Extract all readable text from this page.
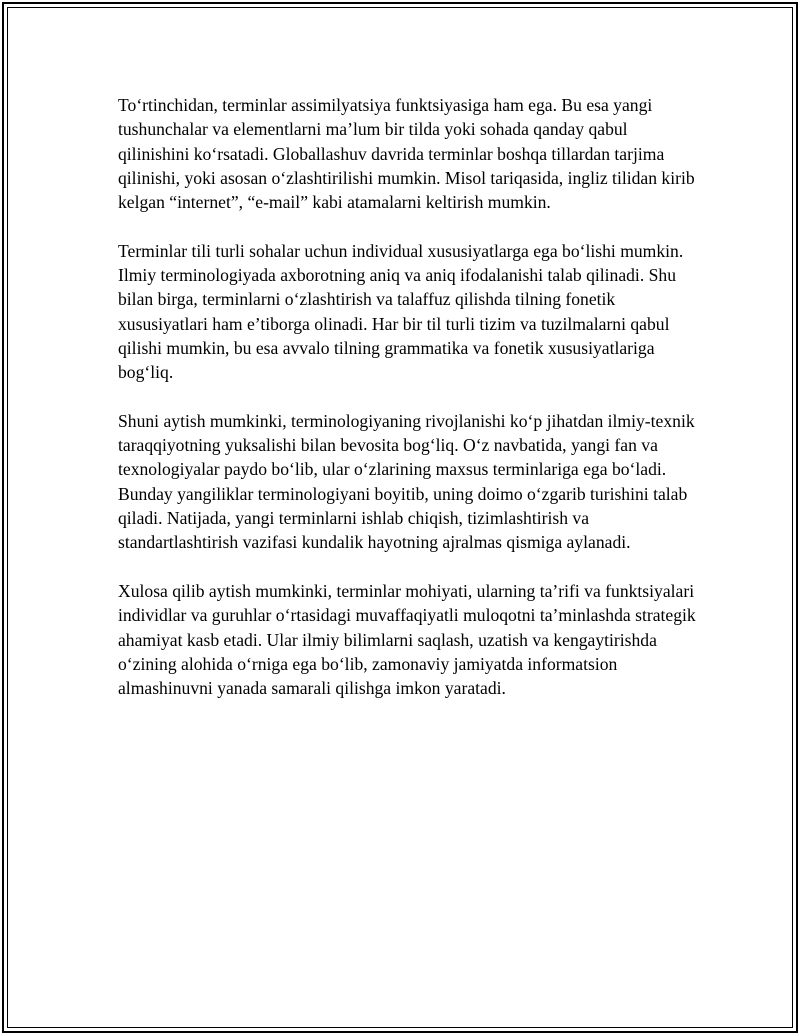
To‘rtinchidan, terminlar assimilyatsiya funktsiyasiga ham ega. Bu esa yangi tushunchalar va elementlarni ma’lum bir tilda yoki sohada qanday qabul qilinishini ko‘rsatadi. Globallashuv davrida terminlar boshqa tillardan tarjima qilinishi, yoki asosan o‘zlashtirilishi mumkin. Misol tariqasida, ingliz tilidan kirib kelgan “internet”, “e-mail” kabi atamalarni keltirish mumkin.

Terminlar tili turli sohalar uchun individual xususiyatlarga ega bo‘lishi mumkin. Ilmiy terminologiyada axborotning aniq va aniq ifodalanishi talab qilinadi. Shu bilan birga, terminlarni o‘zlashtirish va talaffuz qilishda tilning fonetik xususiyatlari ham e’tiborga olinadi. Har bir til turli tizim va tuzilmalarni qabul qilishi mumkin, bu esa avvalo tilning grammatika va fonetik xususiyatlariga bog‘liq.

Shuni aytish mumkinki, terminologiyaning rivojlanishi ko‘p jihatdan ilmiy-texnik taraqqiyotning yuksalishi bilan bevosita bog‘liq. O‘z navbatida, yangi fan va texnologiyalar paydo bo‘lib, ular o‘zlarining maxsus terminlariga ega bo‘ladi. Bunday yangiliklar terminologiyani boyitib, uning doimo o‘zgarib turishini talab qiladi. Natijada, yangi terminlarni ishlab chiqish, tizimlashtirish va standartlashtirish vazifasi kundalik hayotning ajralmas qismiga aylanadi.

Xulosa qilib aytish mumkinki, terminlar mohiyati, ularning ta’rifi va funktsiyalari individlar va guruhlar o‘rtasidagi muvaffaqiyatli muloqotni ta’minlashda strategik ahamiyat kasb etadi. Ular ilmiy bilimlarni saqlash, uzatish va kengaytirishda o‘zining alohida o‘rniga ega bo‘lib, zamonaviy jamiyatda informatsion almashinuvni yanada samarali qilishga imkon yaratadi.
